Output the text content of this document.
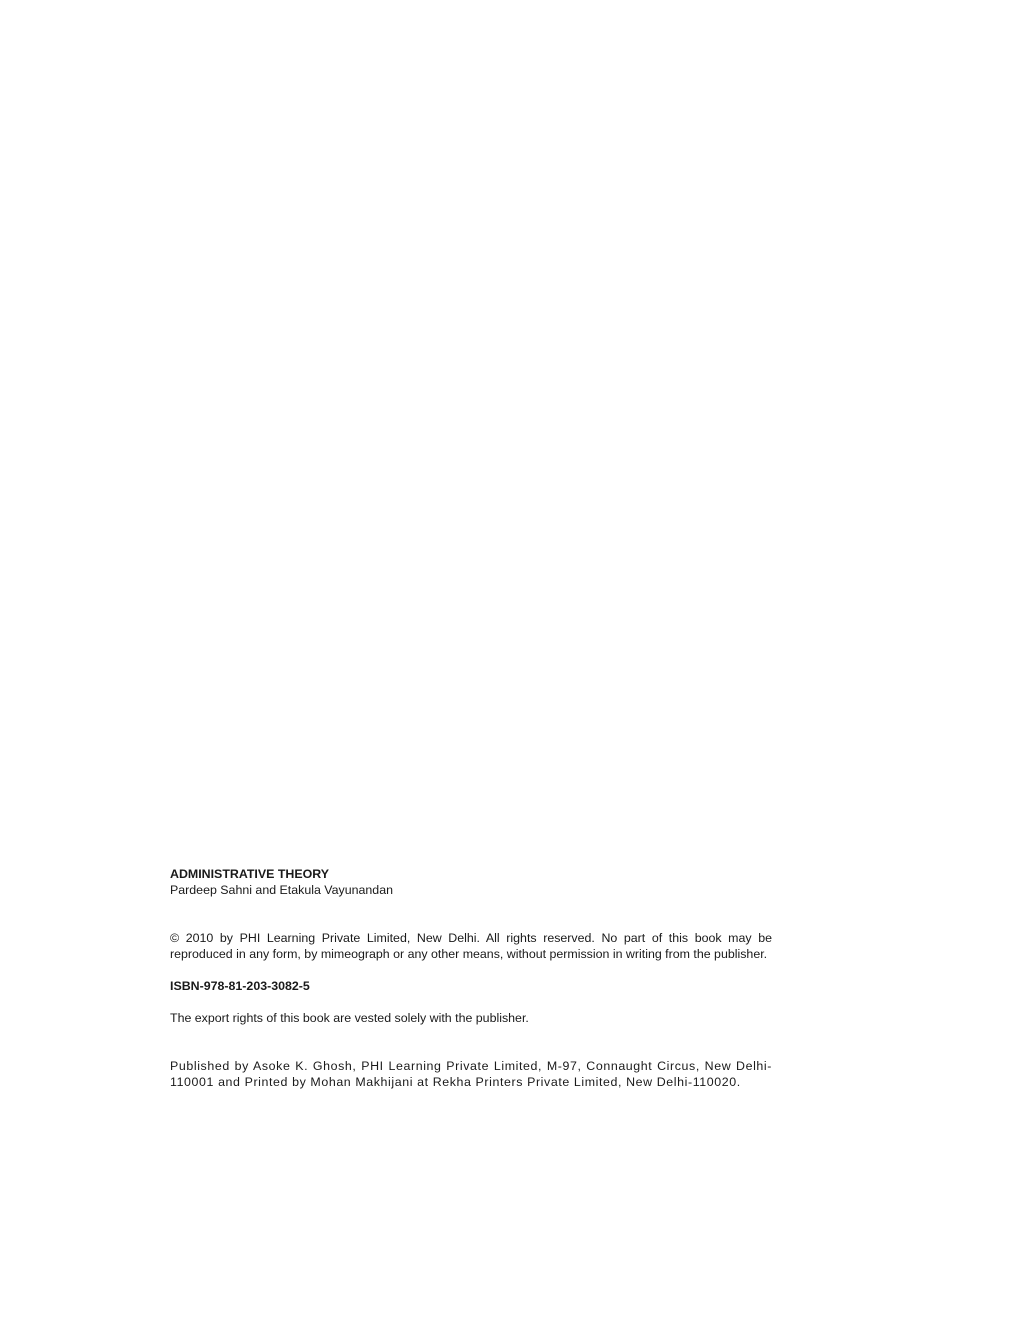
ADMINISTRATIVE THEORY

Pardeep Sahni and Etakula Vayunandan

© 2010 by PHI Learning Private Limited, New Delhi. All rights reserved. No part of this book may be reproduced in any form, by mimeograph or any other means, without permission in writing from the publisher.

ISBN-978-81-203-3082-5

The export rights of this book are vested solely with the publisher.

Published by Asoke K. Ghosh, PHI Learning Private Limited, M-97, Connaught Circus, New Delhi-110001 and Printed by Mohan Makhijani at Rekha Printers Private Limited, New Delhi-110020.
